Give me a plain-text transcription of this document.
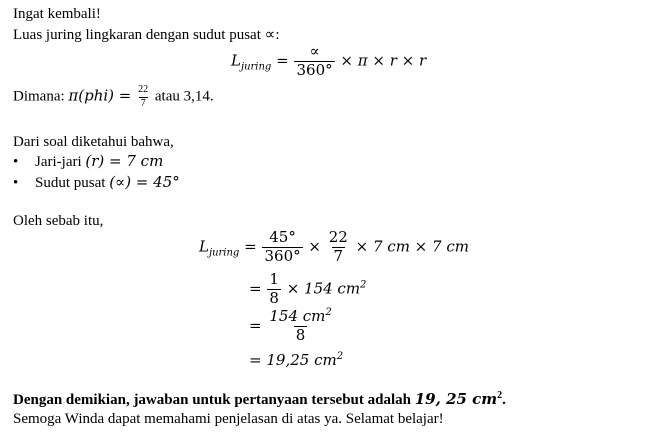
Ingat kembali!
Luas juring lingkaran dengan sudut pusat ∝:
$L_{juring} = \frac{\propto}{360^\circ} \times \pi \times r \times r$
Dimana: $\pi(phi) = \frac{22}{7}$ atau 3,14.
Dari soal diketahui bahwa,
• Jari-jari (r) = 7 cm
• Sudut pusat (∝) = 45°
Oleh sebab itu,
$L_{juring} = \frac{45^\circ}{360^\circ} \times \frac{22}{7} \times 7$ cm × 7 cm
= $\frac{1}{8} \times 154$ $cm^2$
= $\frac{154 cm^2}{8}$
= 19,25 $cm^2$
Dengan demikian, jawaban untuk pertanyaan tersebut adalah 19, 25 $cm^2$.
Semoga Winda dapat memahami penjelasan di atas ya. Selamat belajar!
